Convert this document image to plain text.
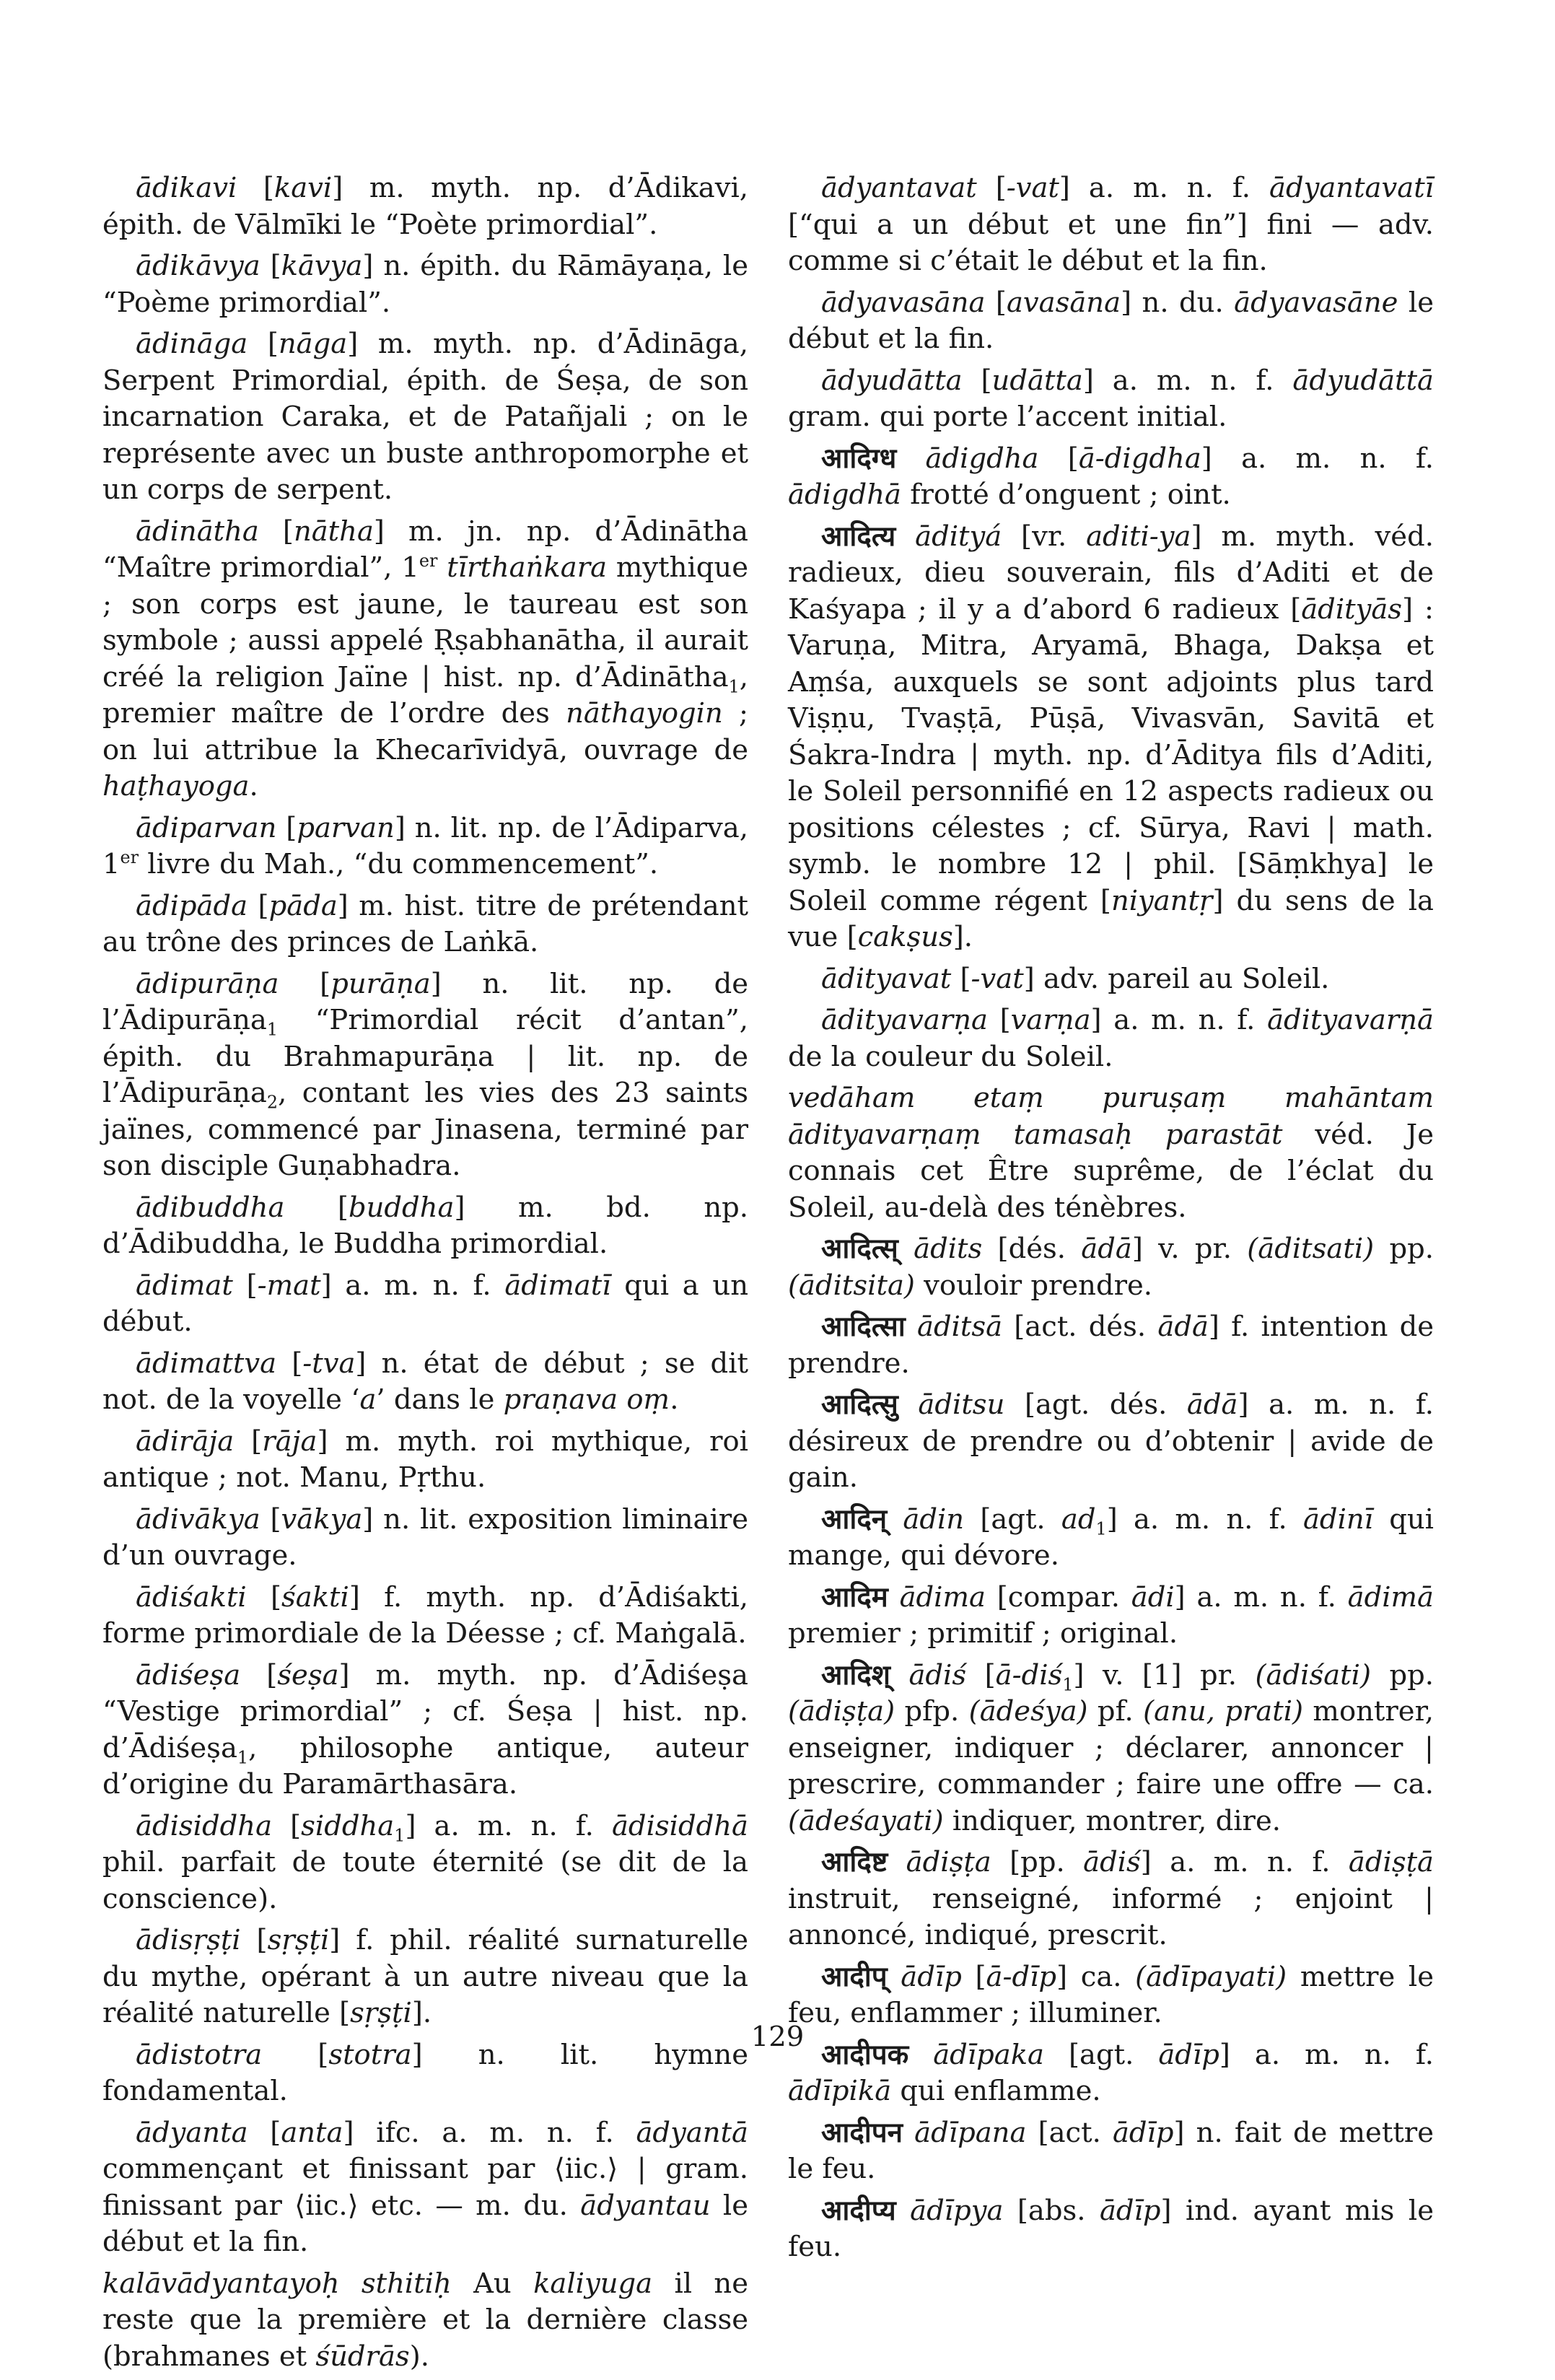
ādikavi [kavi] m. myth. np. d’Ādikavi, épith. de Vālmīki le “Poète primordial”.

ādikāvya [kāvya] n. épith. du Rāmāyaṇa, le “Poème primordial”.

ādināga [nāga] m. myth. np. d’Ādināga, Serpent Primordial, épith. de Śeṣa, de son incarnation Caraka, et de Patañjali ; on le représente avec un buste anthropomorphe et un corps de serpent.

ādinātha [nātha] m. jn. np. d’Ādinātha “Maître primordial”, 1er tīrthaṅkara mythique ; son corps est jaune, le taureau est son symbole ; aussi appelé Ṛṣabhanātha, il aurait créé la religion Jaïne | hist. np. d’Ādinātha$_1$, premier maître de l’ordre des nāthayogin ; on lui attribue la Khecarīvidyā, ouvrage de haṭhayoga.

ādiparvan [parvan] n. lit. np. de l’Ādiparva, 1er livre du Mah., “du commencement”.

ādipāda [pāda] m. hist. titre de prétendant au trône des princes de Laṅkā.

ādipurāṇa [purāṇa] n. lit. np. de l’Ādipurāṇa$_1$ “Primordial récit d’antan”, épith. du Brahmapurāṇa | lit. np. de l’Ādipurāṇa$_2$, contant les vies des 23 saints jaïnes, commencé par Jinasena, terminé par son disciple Guṇabhadra.

ādibuddha [buddha] m. bd. np. d’Ādibuddha, le Buddha primordial.

ādimat [-mat] a. m. n. f. ādimatī qui a un début.

ādimattva [-tva] n. état de début ; se dit not. de la voyelle ‘a’ dans le praṇava oṃ.

ādirāja [rāja] m. myth. roi mythique, roi antique ; not. Manu, Pṛthu.

ādivākya [vākya] n. lit. exposition liminaire d’un ouvrage.

ādiśakti [śakti] f. myth. np. d’Ādiśakti, forme primordiale de la Déesse ; cf. Maṅgalā.

ādiśeṣa [śeṣa] m. myth. np. d’Ādiśeṣa “Vestige primordial” ; cf. Śeṣa | hist. np. d’Ādiśeṣa$_1$, philosophe antique, auteur d’origine du Paramārthasāra.

ādisiddha [siddha$_1$] a. m. n. f. ādisiddhā phil. parfait de toute éternité (se dit de la conscience).

ādisṛṣṭi [sṛṣṭi] f. phil. réalité surnaturelle du mythe, opérant à un autre niveau que la réalité naturelle [sṛṣṭi].

ādistotra [stotra] n. lit. hymne fondamental.

ādyanta [anta] ifc. a. m. n. f. ādyantā commençant et finissant par ⟨iic.⟩ | gram. finissant par ⟨iic.⟩ etc. — m. du. ādyantau le début et la fin.

kalāvādyantayoḥ sthitiḥ Au kaliyuga il ne reste que la première et la dernière classe (brahmanes et śūdrās).

ādyantavat [-vat] a. m. n. f. ādyantavatī [“qui a un début et une fin”] fini — adv. comme si c’était le début et la fin.

ādyavasāna [avasāna] n. du. ādyavasāne le début et la fin.

ādyudātta [udātta] a. m. n. f. ādyudāttā gram. qui porte l’accent initial.

आदिग्ध ādigdha [ā-digdha] a. m. n. f. ādigdhā frotté d’onguent ; oint.

आदित्य ādityá [vr. aditi-ya] m. myth. véd. radieux, dieu souverain, fils d’Aditi et de Kaśyapa ; il y a d’abord 6 radieux [ādityās] : Varuṇa, Mitra, Aryamā, Bhaga, Dakṣa et Aṃśa, auxquels se sont adjoints plus tard Viṣṇu, Tvaṣṭā, Pūṣā, Vivasvān, Savitā et Śakra-Indra | myth. np. d’Āditya fils d’Aditi, le Soleil personnifié en 12 aspects radieux ou positions célestes ; cf. Sūrya, Ravi | math. symb. le nombre 12 | phil. [Sāṃkhya] le Soleil comme régent [niyantṛ] du sens de la vue [cakṣus].

ādityavat [-vat] adv. pareil au Soleil.

ādityavarṇa [varṇa] a. m. n. f. ādityavarṇā de la couleur du Soleil.

vedāham etaṃ puruṣaṃ mahāntam ādityavarṇaṃ tamasaḥ parastāt véd. Je connais cet Être suprême, de l’éclat du Soleil, au-delà des ténèbres.

आदित्स् ādits [dés. ādā] v. pr. (āditsati) pp. (āditsita) vouloir prendre.

आदित्सा āditsā [act. dés. ādā] f. intention de prendre.

आदित्सु āditsu [agt. dés. ādā] a. m. n. f. désireux de prendre ou d’obtenir | avide de gain.

आदिन् ādin [agt. $ad_1$] a. m. n. f. ādinī qui mange, qui dévore.

आदिम ādima [compar. ādi] a. m. n. f. ādimā premier ; primitif ; original.

आदिश् ādiś [ā-diś$_1$] v. [1] pr. (ādiśati) pp. (ādiṣṭa) pfp. (ādeśya) pf. (anu, prati) montrer, enseigner, indiquer ; déclarer, annoncer | prescrire, commander ; faire une offre — ca. (ādeśayati) indiquer, montrer, dire.

आदिष्ट ādiṣṭa [pp. ādiś] a. m. n. f. ādiṣṭā instruit, renseigné, informé ; enjoint | annoncé, indiqué, prescrit.

आदीप् ādīp [ā-dīp] ca. (ādīpayati) mettre le feu, enflammer ; illuminer.

आदीपक ādīpaka [agt. ādīp] a. m. n. f. ādīpikā qui enflamme.

आदीपन ādīpana [act. ādīp] n. fait de mettre le feu.

आदीप्य ādīpya [abs. ādīp] ind. ayant mis le feu.

129
